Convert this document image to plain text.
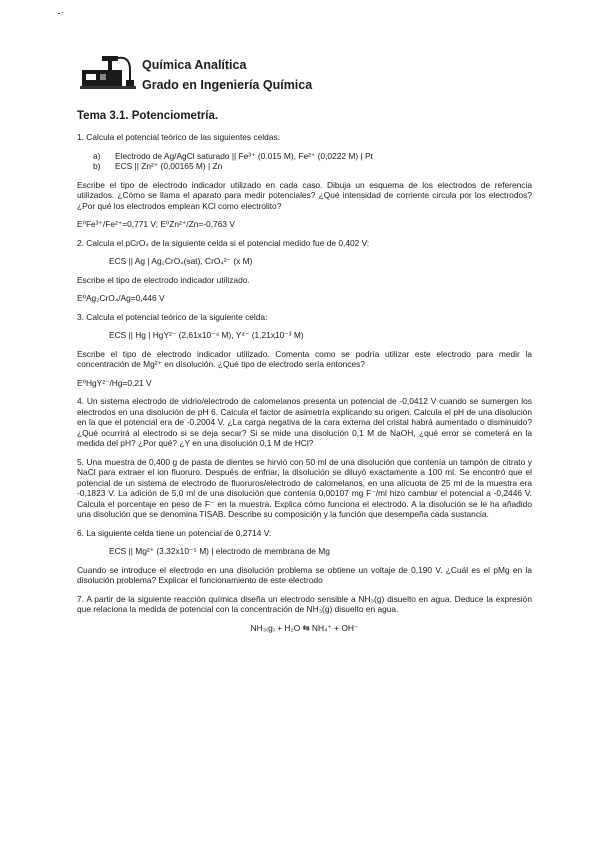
Química Analítica
Grado en Ingeniería Química
Tema 3.1. Potenciometría.

1. Calcula el potencial teórico de las siguientes celdas:

a) Electrodo de Ag/AgCl saturado || Fe³⁺ (0.015 M), Fe²⁺ (0,0222 M) | Pt

b) ECS || Zn²⁺ (0,00165 M) | Zn

Escribe el tipo de electrodo indicador utilizado en cada caso. Dibuja un esquema de los electrodos de referencia utilizados. ¿Cómo se llama el aparato para medir potenciales? ¿Qué intensidad de corriente circula por los electrodos? ¿Por qué los electrodos emplean KCl como electrolito?

E⁰Fe³⁺/Fe²⁺=0,771 V; E⁰Zn²⁺/Zn=-0,763 V

2. Calcula el pCrO₄ de la siguiente celda si el potencial medido fue de 0,402 V:

ECS || Ag | Ag₂CrO₄(sat), CrO₄²⁻ (x M)

Escribe el tipo de electrodo indicador utilizado.

E⁰Ag₂CrO₄/Ag=0,446 V

3. Calcula el potencial teórico de la siguiente celda:

ECS || Hg | HgY²⁻ (2,61x10⁻⁴ M), Y⁴⁻ (1,21x10⁻³ M)

Escribe el tipo de electrodo indicador utilizado. Comenta como se podría utilizar este electrodo para medir la concentración de Mg²⁺ en disolución. ¿Qué tipo de electrodo sería entonces?

E⁰HgY²⁻/Hg=0,21 V

4. Un sistema electrodo de vidrio/electrodo de calomelanos presenta un potencial de -0,0412 V cuando se sumergen los electrodos en una disolución de pH 6. Calcula el factor de asimetría explicando su origen. Calcula el pH de una disolución en la que el potencial era de -0.2004 V. ¿La carga negativa de la cara externa del cristal habrá aumentado o disminuido? ¿Qué ocurrirá al electrodo si se deja secar? Si se mide una disolución 0,1 M de NaOH, ¿qué error se cometerá en la medida del pH? ¿Por qué? ¿Y en una disolución 0,1 M de HCl?

5. Una muestra de 0,400 g de pasta de dientes se hirvió con 50 ml de una disolución que contenía un tampón de citrato y NaCl para extraer el ion fluoruro. Después de enfriar, la disolución se diluyó exactamente a 100 ml. Se encontró que el potencial de un sistema de electrodo de fluoruros/electrodo de calomelanos, en una alícuota de 25 ml de la muestra era -0,1823 V. La adición de 5,0 ml de una disolución que contenía 0,00107 mg F⁻/ml hizo cambiar el potencial a -0,2446 V. Calcula el porcentaje en peso de F⁻ en la muestra. Explica cómo funciona el electrodo. A la disolución se le ha añadido una disolución que se denomina TISAB. Describe su composición y la función que desempeña cada sustancia.

6. La siguiente celda tiene un potencial de 0,2714 V:

ECS || Mg²⁺ (3,32x10⁻⁵ M) | electrodo de membrana de Mg

Cuando se introduce el electrodo en una disolución problema se obtiene un voltaje de 0,190 V. ¿Cuál es el pMg en la disolución problema? Explicar el funcionamiento de este electrodo

7. A partir de la siguiente reacción química diseña un electrodo sensible a NH₃(g) disuelto en agua. Deduce la expresión que relaciona la medida de potencial con la concentración de NH₃(g) disuelto en agua.

NH₃₍g₎ + H₂O ⇆ NH₄⁺ + OH⁻
